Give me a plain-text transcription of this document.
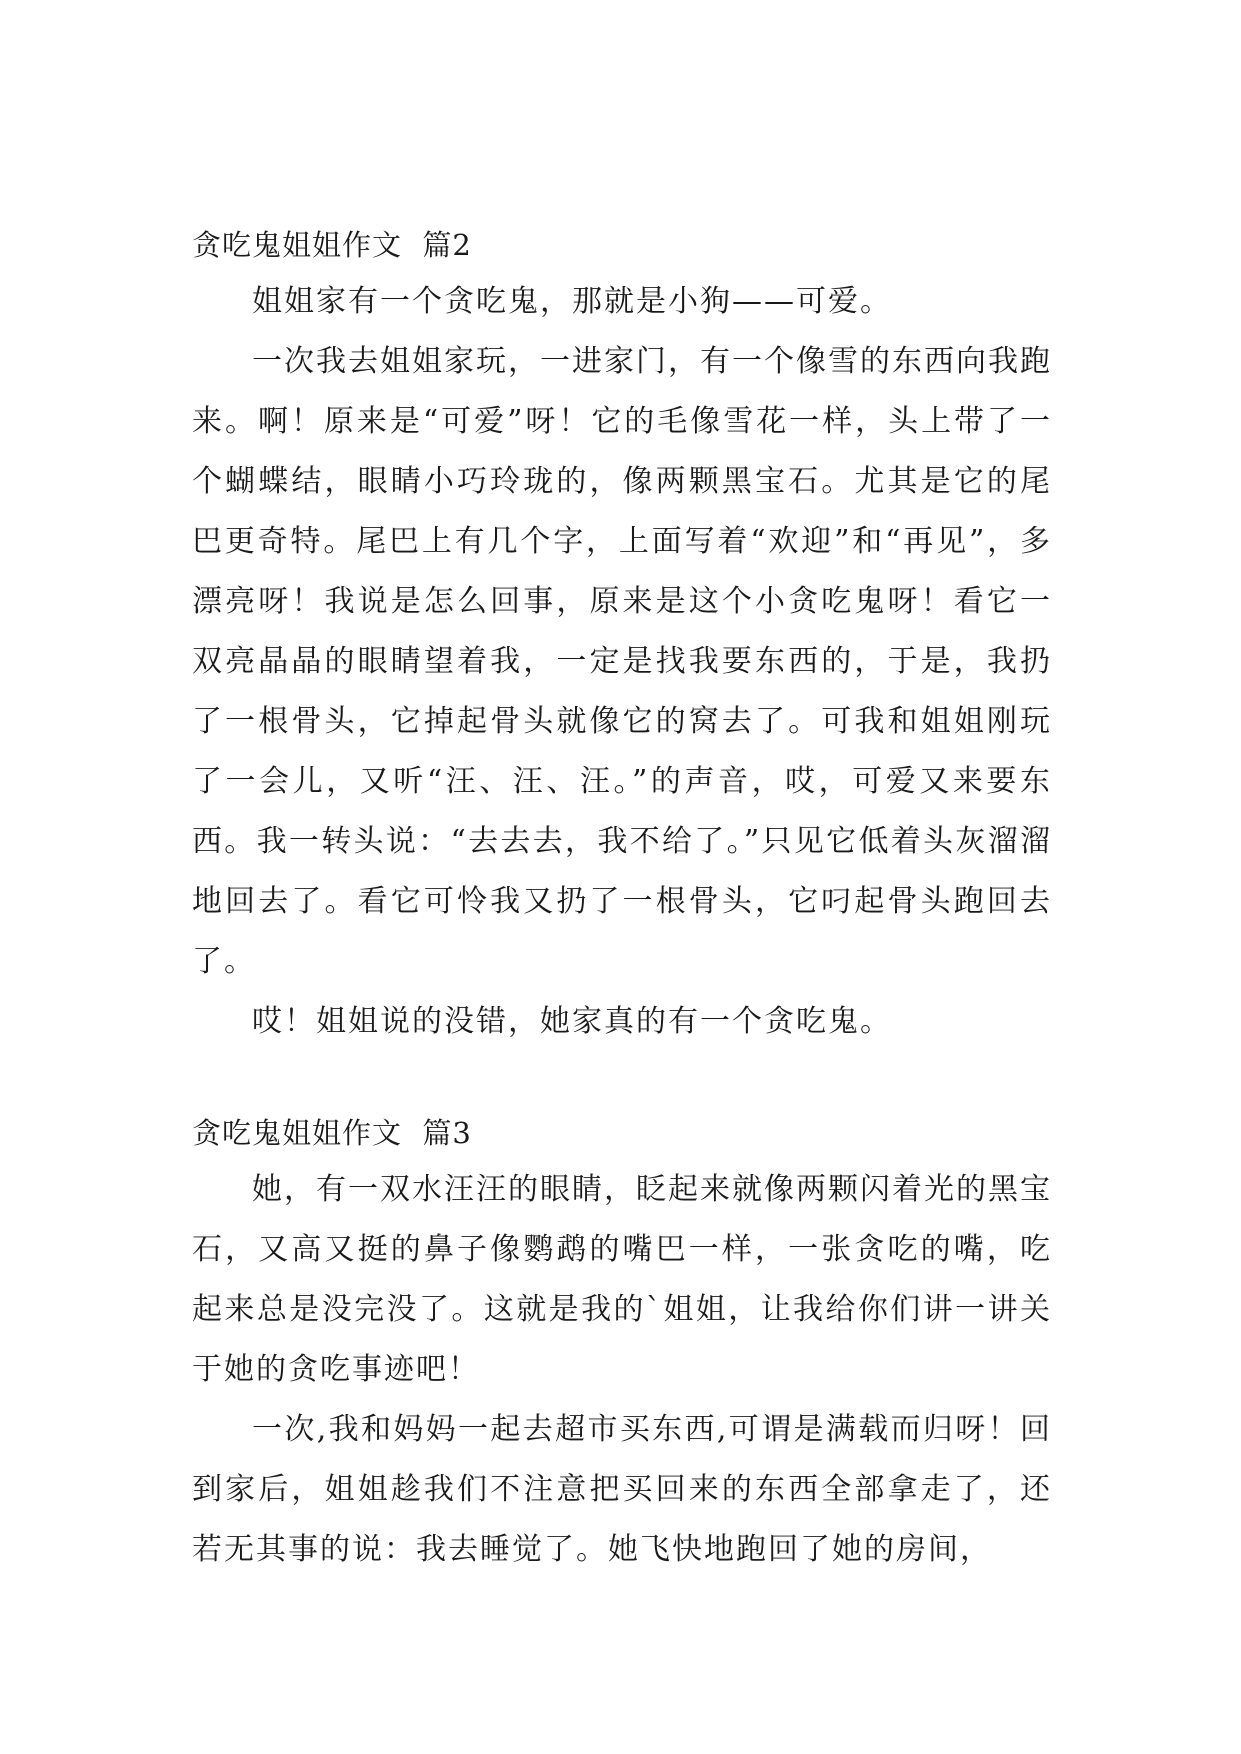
贪吃鬼姐姐作文  篇2

姐姐家有一个贪吃鬼，那就是小狗——可爱。

一次我去姐姐家玩，一进家门，有一个像雪的东西向我跑来。啊！原来是“可爱”呀！它的毛像雪花一样，头上带了一个蝴蝶结，眼睛小巧玲珑的，像两颗黑宝石。尤其是它的尾巴更奇特。尾巴上有几个字，上面写着“欢迎”和“再见”，多漂亮呀！我说是怎么回事，原来是这个小贪吃鬼呀！看它一双亮晶晶的眼睛望着我，一定是找我要东西的，于是，我扔了一根骨头，它掉起骨头就像它的窝去了。可我和姐姐刚玩了一会儿，又听“汪、汪、汪。”的声音，哎，可爱又来要东西。我一转头说：“去去去，我不给了。”只见它低着头灰溜溜地回去了。看它可怜我又扔了一根骨头，它叼起骨头跑回去了。

哎！姐姐说的没错，她家真的有一个贪吃鬼。

贪吃鬼姐姐作文  篇3

她，有一双水汪汪的眼睛，眨起来就像两颗闪着光的黑宝石，又高又挺的鼻子像鹦鹉的嘴巴一样，一张贪吃的嘴，吃起来总是没完没了。这就是我的`姐姐，让我给你们讲一讲关于她的贪吃事迹吧！

一次,我和妈妈一起去超市买东西,可谓是满载而归呀！回到家后，姐姐趁我们不注意把买回来的东西全部拿走了，还若无其事的说：我去睡觉了。她飞快地跑回了她的房间，
